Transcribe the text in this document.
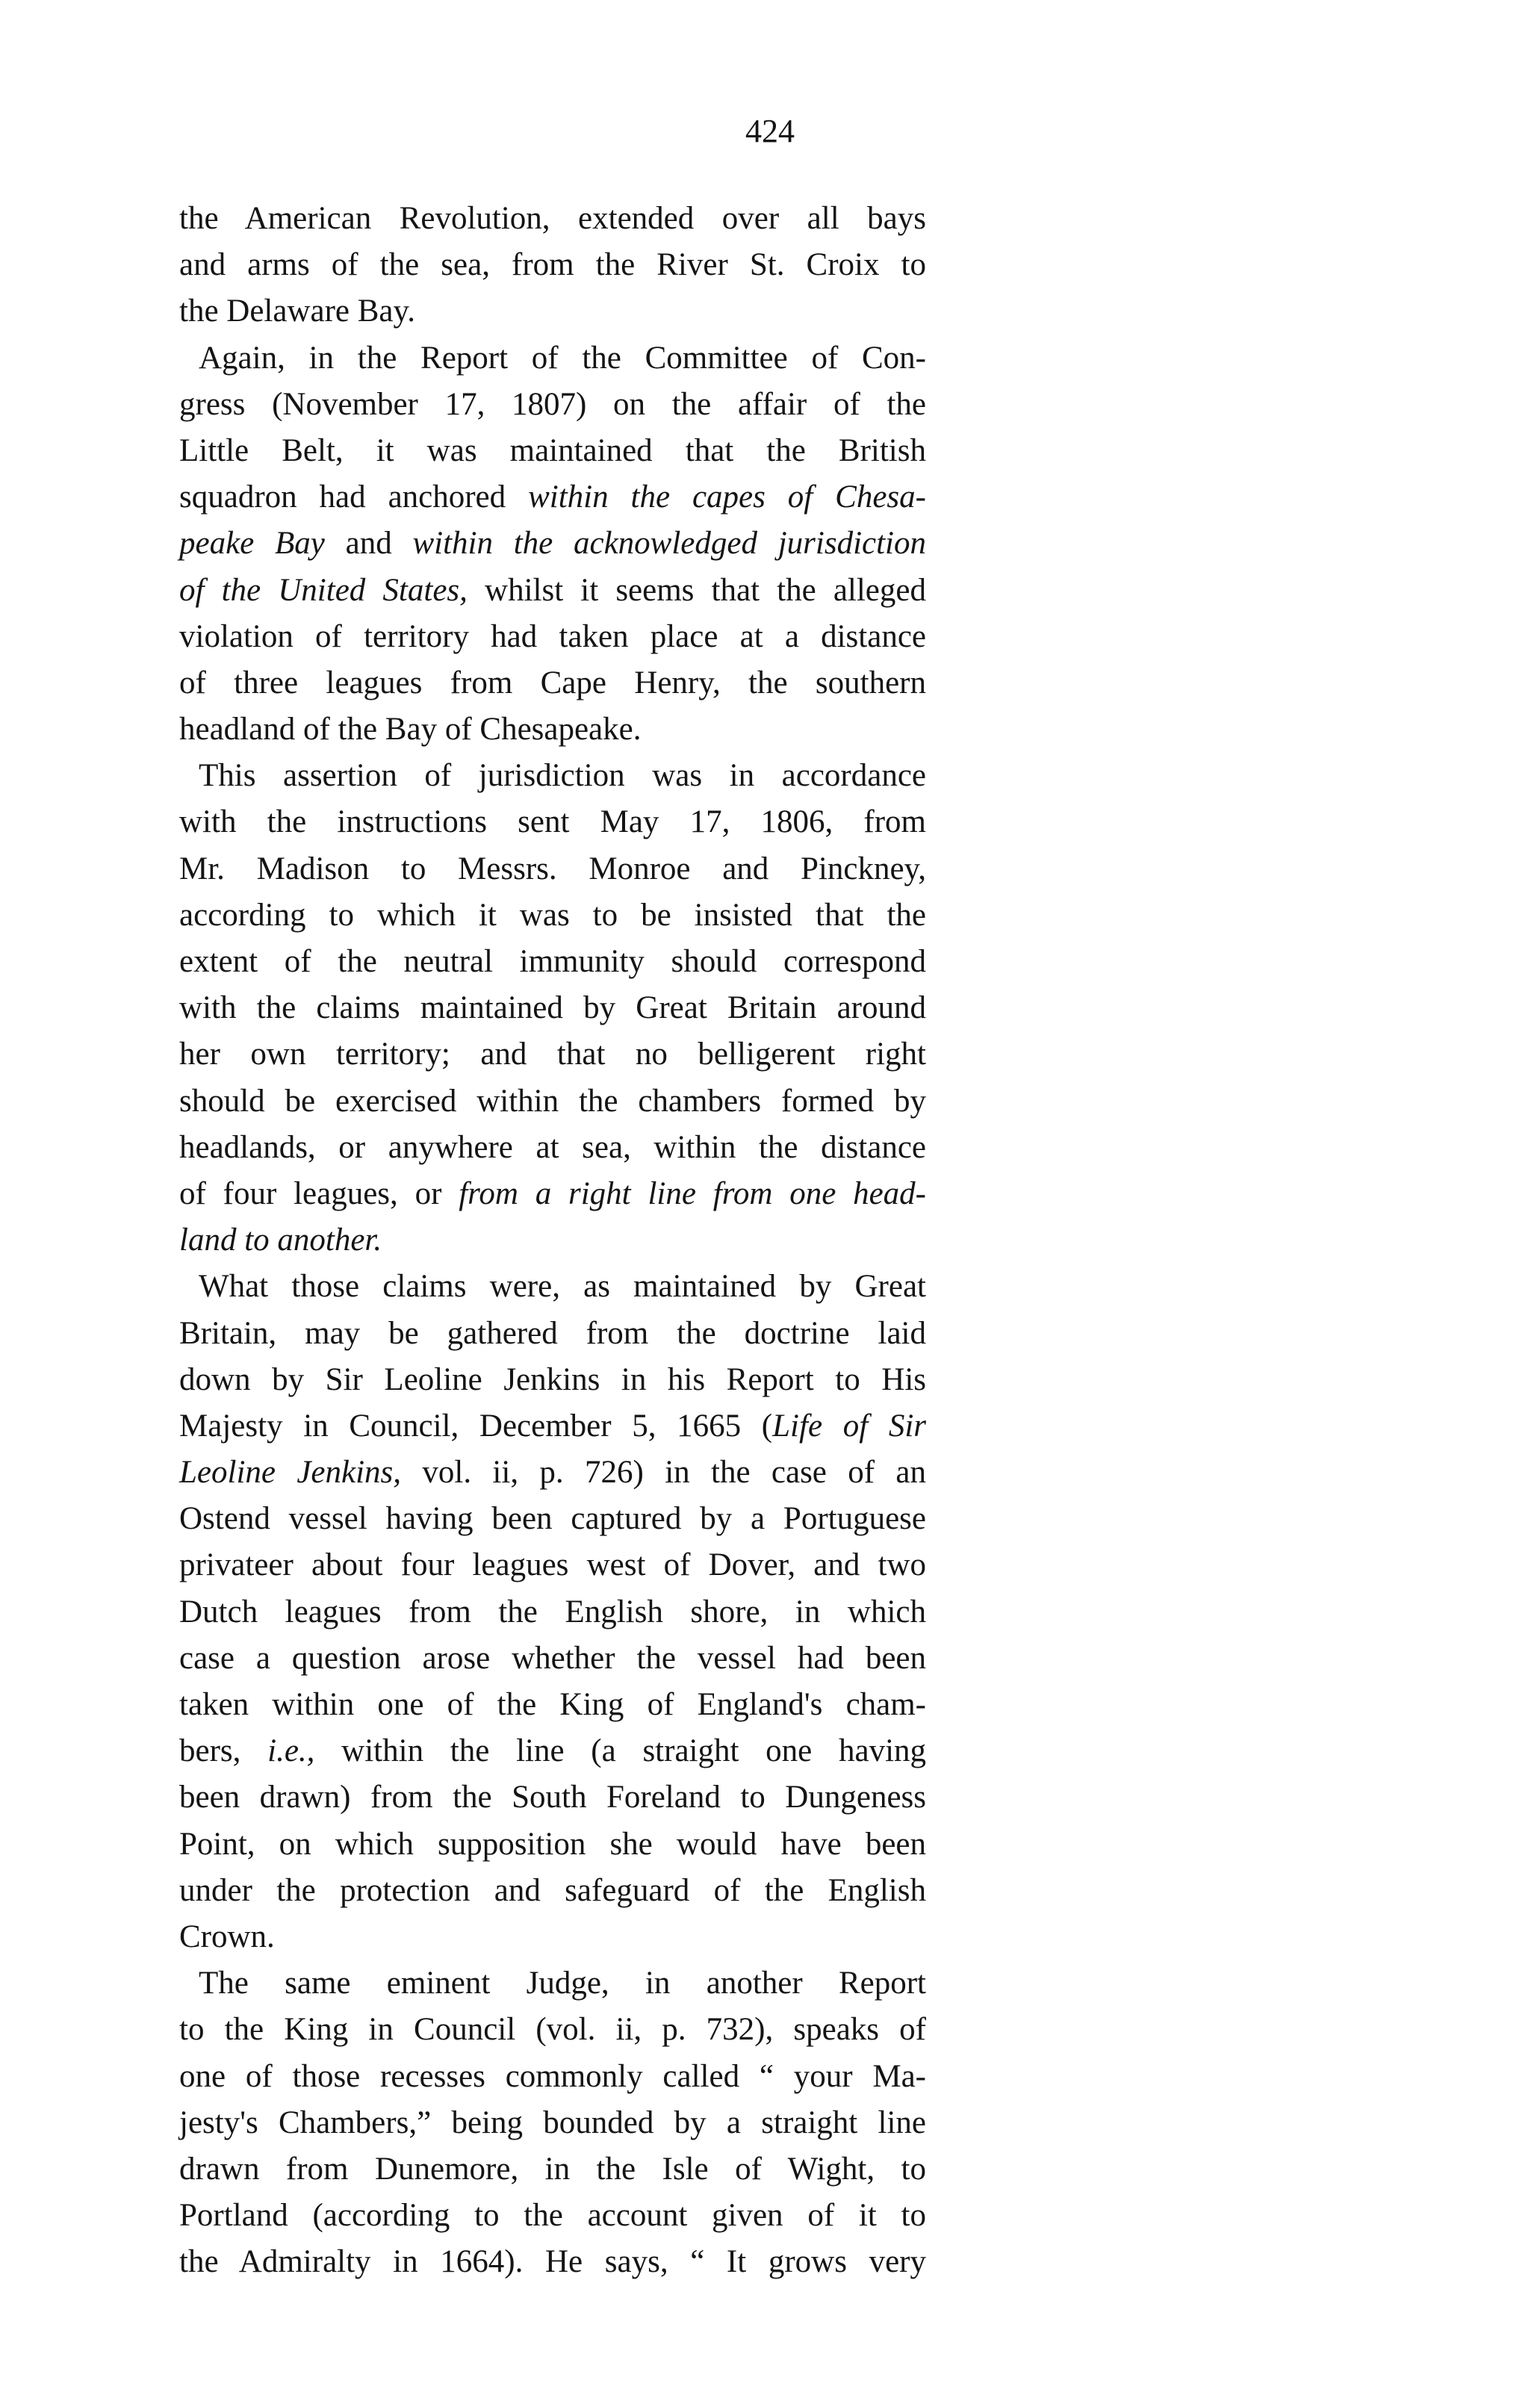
424
the American Revolution, extended over all bays
and arms of the sea, from the River St. Croix to
the Delaware Bay.
Again, in the Report of the Committee of Con-
gress (November 17, 1807) on the affair of the
Little Belt, it was maintained that the British
squadron had anchored within the capes of Chesa-
peake Bay and within the acknowledged jurisdiction
of the United States, whilst it seems that the alleged
violation of territory had taken place at a distance
of three leagues from Cape Henry, the southern
headland of the Bay of Chesapeake.
This assertion of jurisdiction was in accordance
with the instructions sent May 17, 1806, from
Mr. Madison to Messrs. Monroe and Pinckney,
according to which it was to be insisted that the
extent of the neutral immunity should correspond
with the claims maintained by Great Britain around
her own territory; and that no belligerent right
should be exercised within the chambers formed by
headlands, or anywhere at sea, within the distance
of four leagues, or from a right line from one head-
land to another.
What those claims were, as maintained by Great
Britain, may be gathered from the doctrine laid
down by Sir Leoline Jenkins in his Report to His
Majesty in Council, December 5, 1665 (Life of Sir
Leoline Jenkins, vol. ii, p. 726) in the case of an
Ostend vessel having been captured by a Portuguese
privateer about four leagues west of Dover, and two
Dutch leagues from the English shore, in which
case a question arose whether the vessel had been
taken within one of the King of England's cham-
bers, i.e., within the line (a straight one having
been drawn) from the South Foreland to Dungeness
Point, on which supposition she would have been
under the protection and safeguard of the English
Crown.
The same eminent Judge, in another Report
to the King in Council (vol. ii, p. 732), speaks of
one of those recesses commonly called “ your Ma-
jesty's Chambers,” being bounded by a straight line
drawn from Dunemore, in the Isle of Wight, to
Portland (according to the account given of it to
the Admiralty in 1664). He says, “ It grows very
